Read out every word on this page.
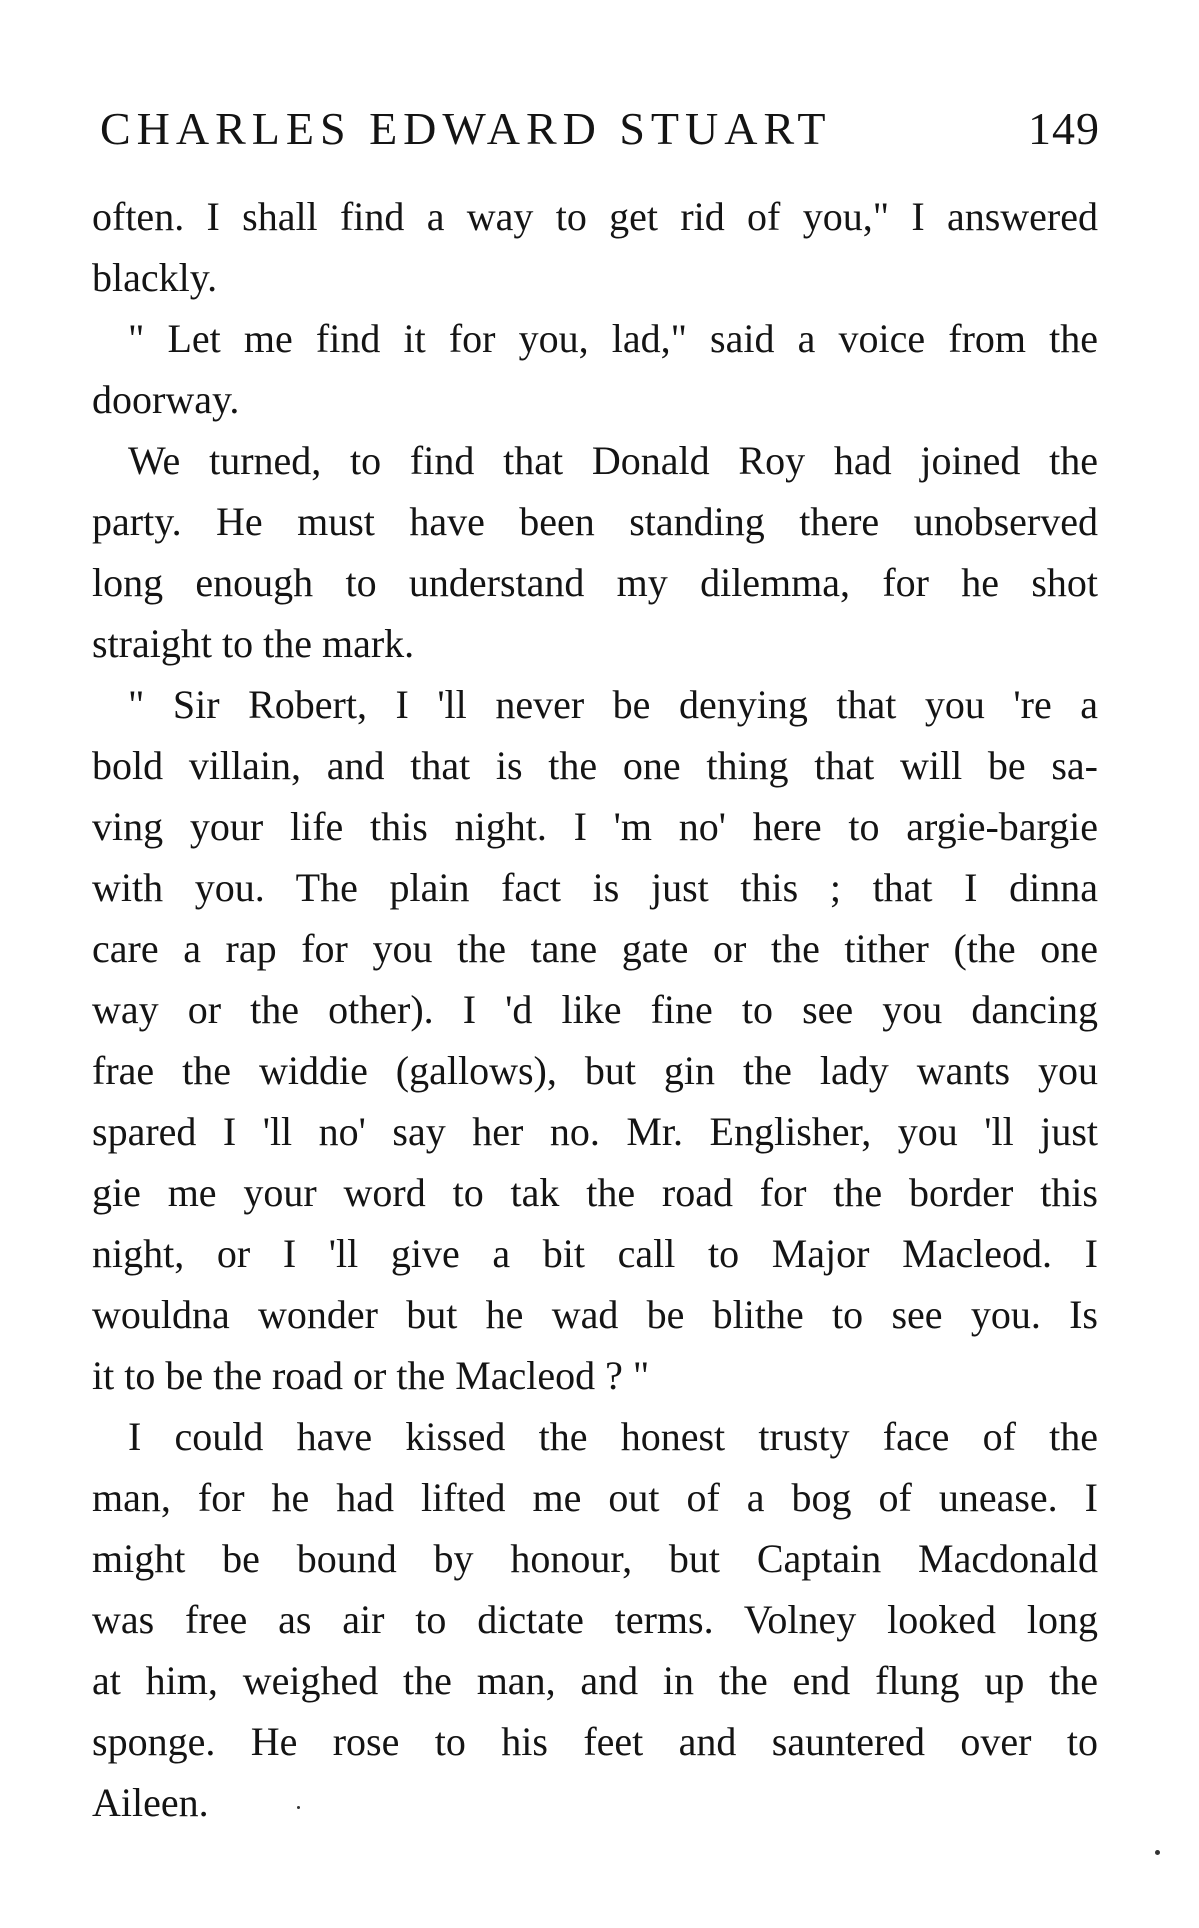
CHARLES EDWARD STUART	149

often. I shall find a way to get rid of you," I answered
blackly.

" Let me find it for you, lad," said a voice from the
doorway.

We turned, to find that Donald Roy had joined the
party. He must have been standing there unobserved
long enough to understand my dilemma, for he shot
straight to the mark.

" Sir Robert, I 'll never be denying that you 're a
bold villain, and that is the one thing that will be sa-
ving your life this night. I 'm no' here to argie-bargie
with you. The plain fact is just this ; that I dinna
care a rap for you the tane gate or the tither (the one
way or the other). I 'd like fine to see you dancing
frae the widdie (gallows), but gin the lady wants you
spared I 'll no' say her no. Mr. Englisher, you 'll just
gie me your word to tak the road for the border this
night, or I 'll give a bit call to Major Macleod. I
wouldna wonder but he wad be blithe to see you. Is
it to be the road or the Macleod ? "

I could have kissed the honest trusty face of the
man, for he had lifted me out of a bog of unease. I
might be bound by honour, but Captain Macdonald
was free as air to dictate terms. Volney looked long
at him, weighed the man, and in the end flung up the
sponge. He rose to his feet and sauntered over to
Aileen.
